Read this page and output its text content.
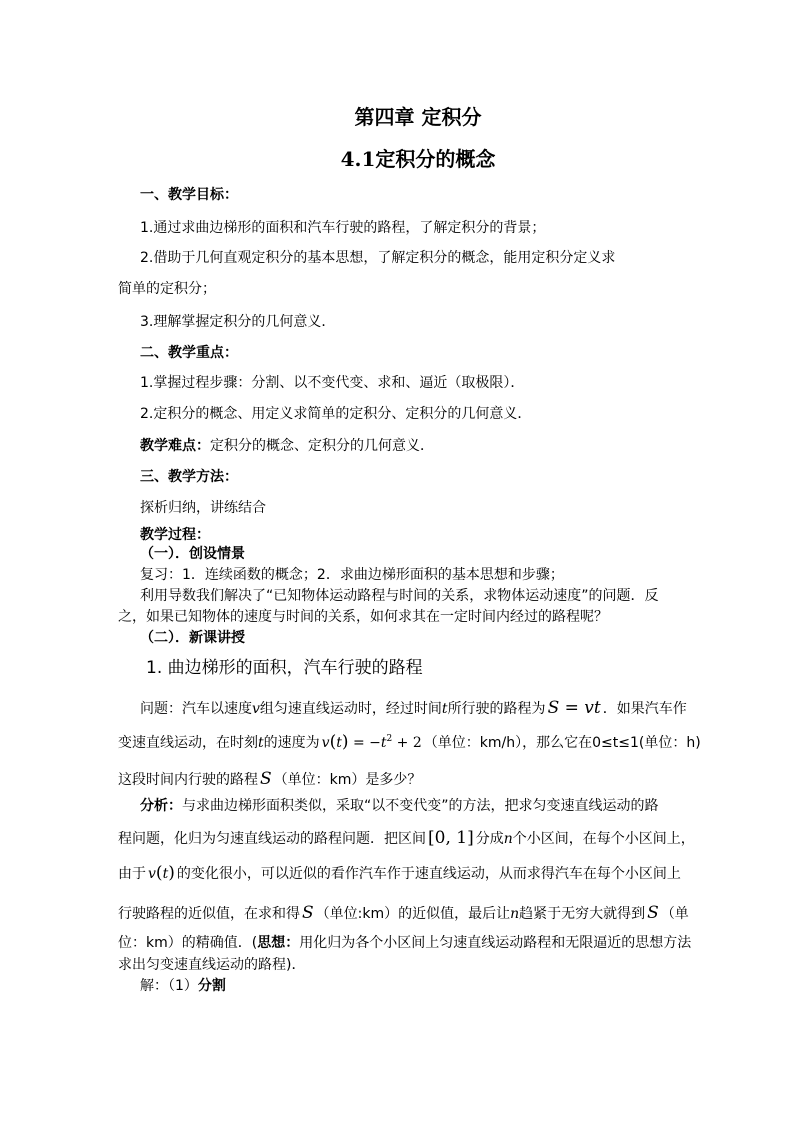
第四章 定积分
4.1定积分的概念
一、教学目标：
1.通过求曲边梯形的面积和汽车行驶的路程，了解定积分的背景；
2.借助于几何直观定积分的基本思想，了解定积分的概念，能用定积分定义求
简单的定积分；
3.理解掌握定积分的几何意义．
二、教学重点：
1.掌握过程步骤：分割、以不变代变、求和、逼近（取极限）．
2.定积分的概念、用定义求简单的定积分、定积分的几何意义．
教学难点：定积分的概念、定积分的几何意义．
三、教学方法：
探析归纳，讲练结合
教学过程：
（一）．创设情景
复习：1．连续函数的概念；2．求曲边梯形面积的基本思想和步骤；
利用导数我们解决了“已知物体运动路程与时间的关系，求物体运动速度”的问题．反
之，如果已知物体的速度与时间的关系，如何求其在一定时间内经过的路程呢？
（二）．新课讲授
1. 曲边梯形的面积，汽车行驶的路程
问题：汽车以速度v组匀速直线运动时，经过时间t所行驶的路程为 S = vt ．如果汽车作
变速直线运动，在时刻t的速度为 $v(t) = -t^2 + 2$ （单位：km/h），那么它在0≤t≤1(单位：h)
这段时间内行驶的路程 S （单位：km）是多少？
分析：与求曲边梯形面积类似，采取“以不变代变”的方法，把求匀变速直线运动的路
程问题，化归为匀速直线运动的路程问题．把区间 [0, 1] 分成n个小区间，在每个小区间上，
由于 v(t) 的变化很小，可以近似的看作汽车作于速直线运动，从而求得汽车在每个小区间上
行驶路程的近似值，在求和得 S （单位:km）的近似值，最后让n趋紧于无穷大就得到 S （单
位：km）的精确值．(思想：用化归为各个小区间上匀速直线运动路程和无限逼近的思想方法
求出匀变速直线运动的路程)．
解：（1）分割
